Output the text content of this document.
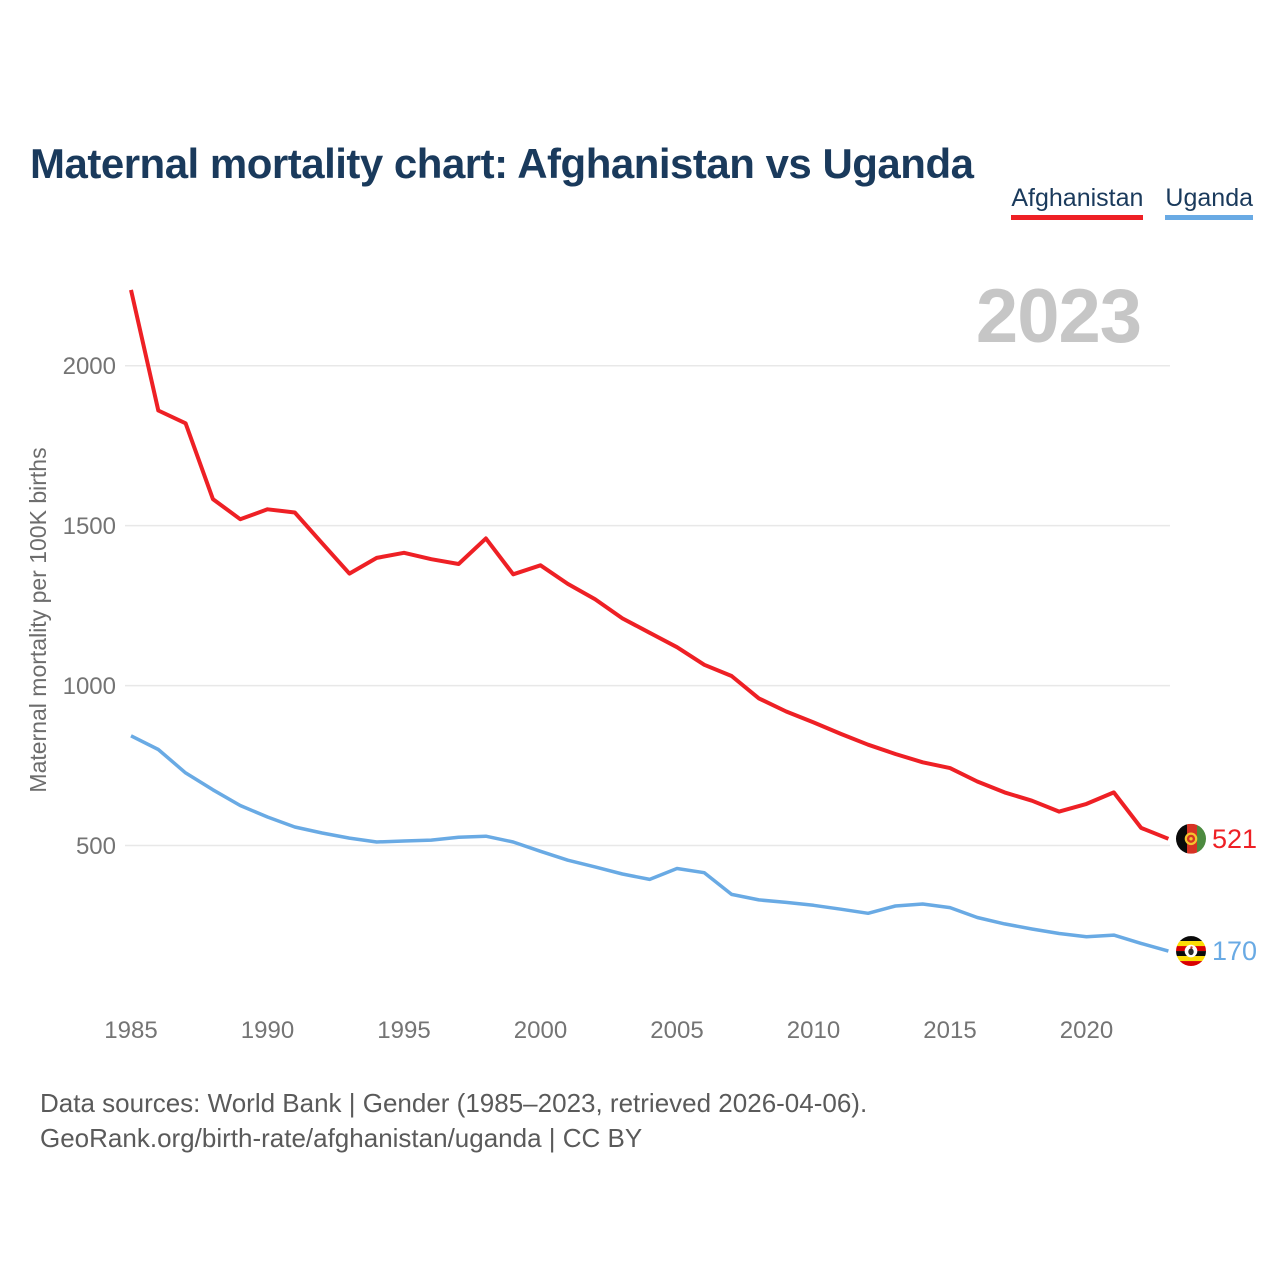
Maternal mortality chart: Afghanistan vs Uganda
Afghanistan Uganda
2000
1500
1000
500
1985	1990	1995	2000	2005	2010	2015	2020
2023
Maternal mortality per 100K births
521
170
Data sources: World Bank | Gender (1985–2023, retrieved 2026-04-06).
GeoRank.org/birth-rate/afghanistan/uganda | CC BY
